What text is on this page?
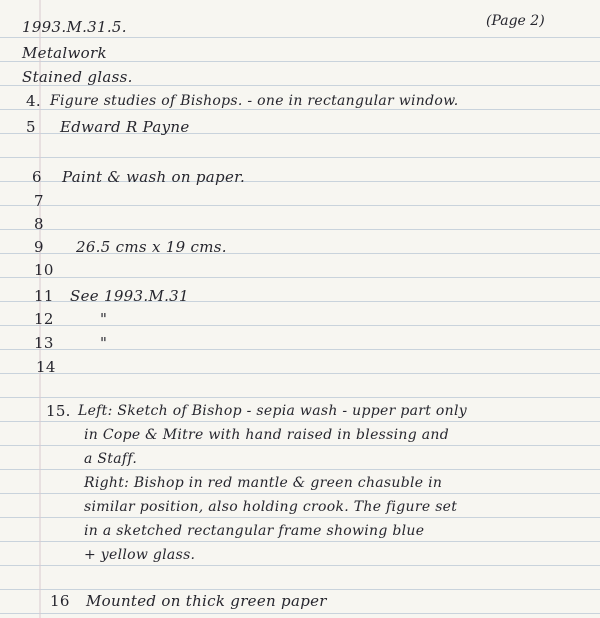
1993.M.31.5.	(Page 2)
Metalwork
Stained glass.
4. Figure studies of Bishops. - one in rectangular window.
5 Edward R Payne
6 Paint & wash on paper.
7
8
9 26.5 cms x 19 cms.
10
11 See 1993.M.31
12	"
13	"
14
15. Left: Sketch of Bishop - sepia wash - upper part only
in Cope & Mitre with hand raised in blessing and
a Staff.
Right: Bishop in red mantle & green chasuble in
similar position, also holding crook. The figure set
in a sketched rectangular frame showing blue
+ yellow glass.
16 Mounted on thick green paper
